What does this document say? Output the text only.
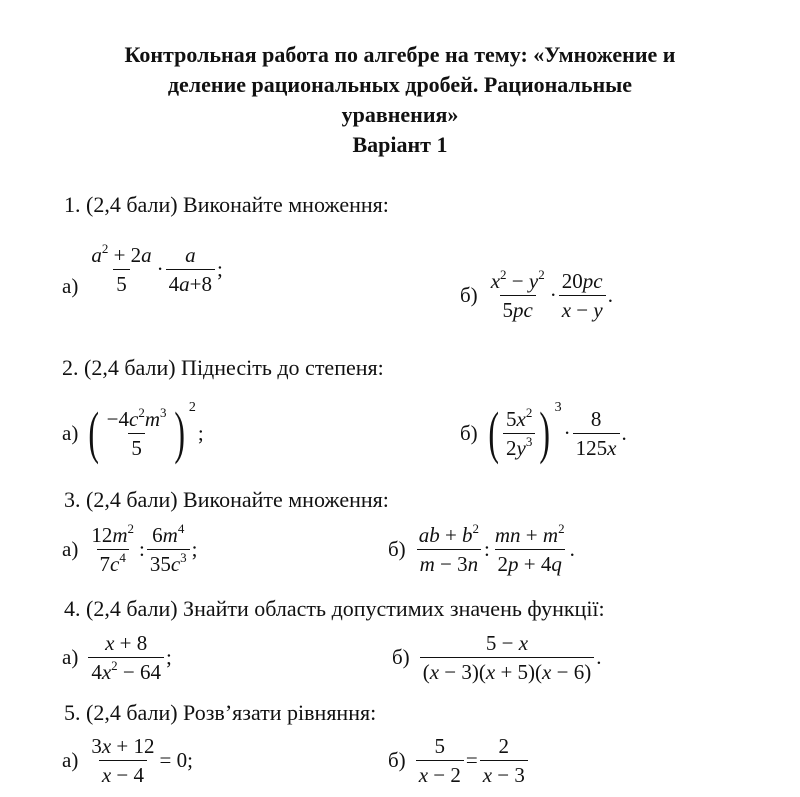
Контрольная работа по алгебре на тему: «Умножение и
деление рациональных дробей. Рациональные
уравнения»
Варіант 1
1. (2,4 бали) Виконайте множення:
$а) \frac{a^2 + 2a}{5} \cdot \frac{a}{4a+8}$ ;
$б) \frac{x^2 - y^2}{5pc} \cdot \frac{20pc}{x - y}$ .
2. (2,4 бали) Піднесіть до степеня:
а) ( $\frac{-4c^2m^3}{5}$ ) 2;	б) ( $\frac{5x^2}{2y^3}$ ) $3\cdot \frac{8}{125x}$ .
3. (2,4 бали) Виконайте множення:
$а) \frac{12m^2}{7c^4}$ : $\frac{6m^4}{35c^3}$ ;	$б) \frac{ab + b^2}{m - 3n}$ : $\frac{mn + m^2}{2p + 4q}$ .
4. (2,4 бали) Знайти область допустимих значень функції:
$а) \frac{x + 8}{4x^2 - 64}$ ;	$б) \frac{5 - x}{(x - 3)(x + 5)(x - 6)}$ .
5. (2,4 бали) Розв’язати рівняння:
$а) \frac{3x + 12}{x - 4} = 0$;	$б) \frac{5}{x - 2} = \frac{2}{x - 3}$
